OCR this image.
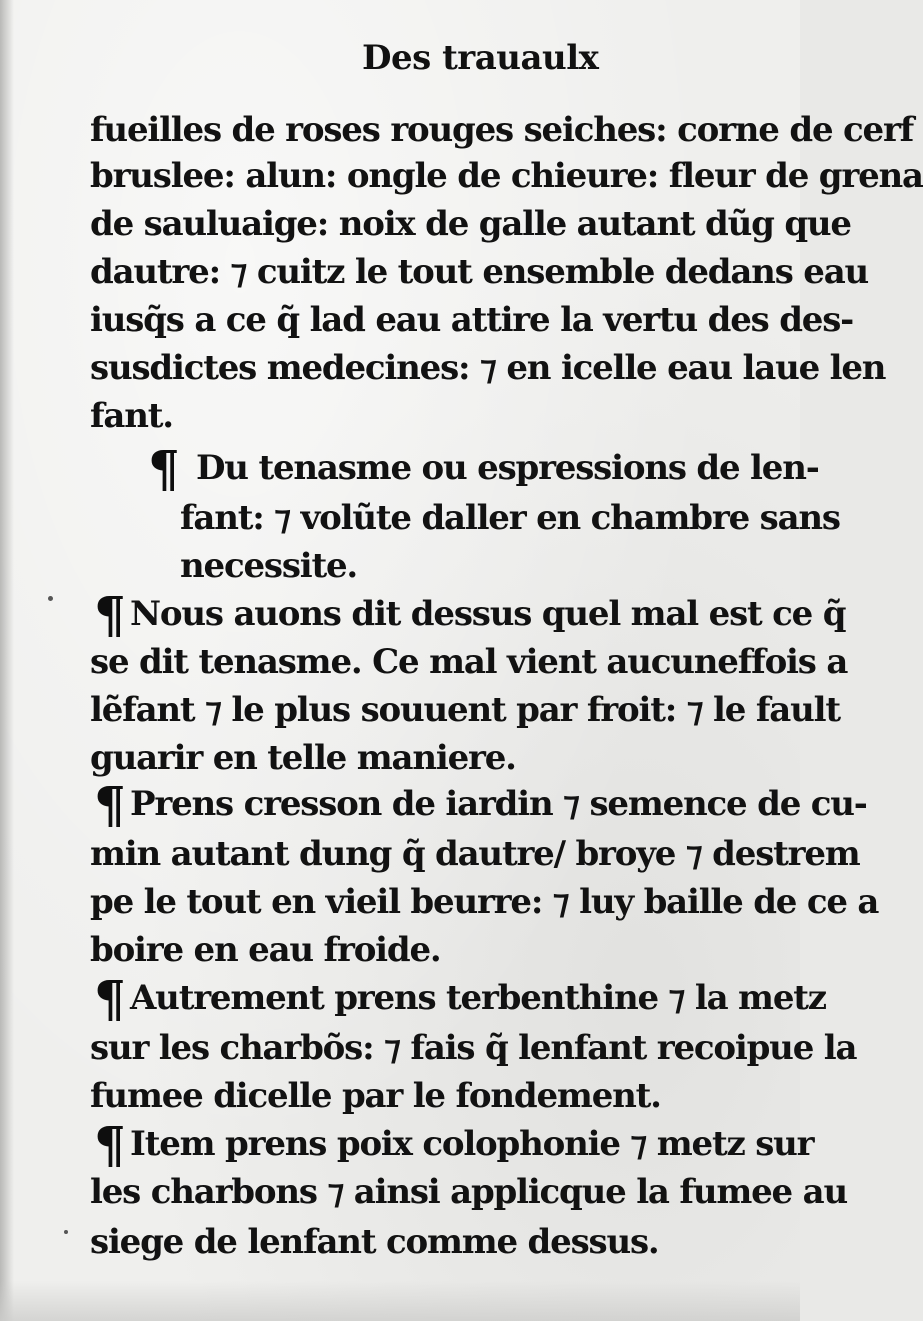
Des trauaulx
fueilles de roses rouges seiches: corne de cerf
bruslee: alun: ongle de chieure: fleur de grena
de sauluaige: noix de galle autant dũg que
dautre: ⁊ cuitz le tout ensemble dedans eau
iusq̃s a ce q̃ lad eau attire la vertu des des-
susdictes medecines: ⁊ en icelle eau laue len
fant.
¶ Du tenasme ou espressions de len-
fant: ⁊ volũte daller en chambre sans
necessite.
¶ Nous auons dit dessus quel mal est ce q̃
se dit tenasme. Ce mal vient aucuneffois a
lẽfant ⁊ le plus souuent par froit: ⁊ le fault
guarir en telle maniere.
¶ Prens cresson de iardin ⁊ semence de cu-
min autant dung q̃ dautre/ broye ⁊ destrem
pe le tout en vieil beurre: ⁊ luy baille de ce a
boire en eau froide.
¶ Autrement prens terbenthine ⁊ la metz
sur les charbõs: ⁊ fais q̃ lenfant recoipue la
fumee dicelle par le fondement.
¶ Item prens poix colophonie ⁊ metz sur
les charbons ⁊ ainsi applicque la fumee au
siege de lenfant comme dessus.
